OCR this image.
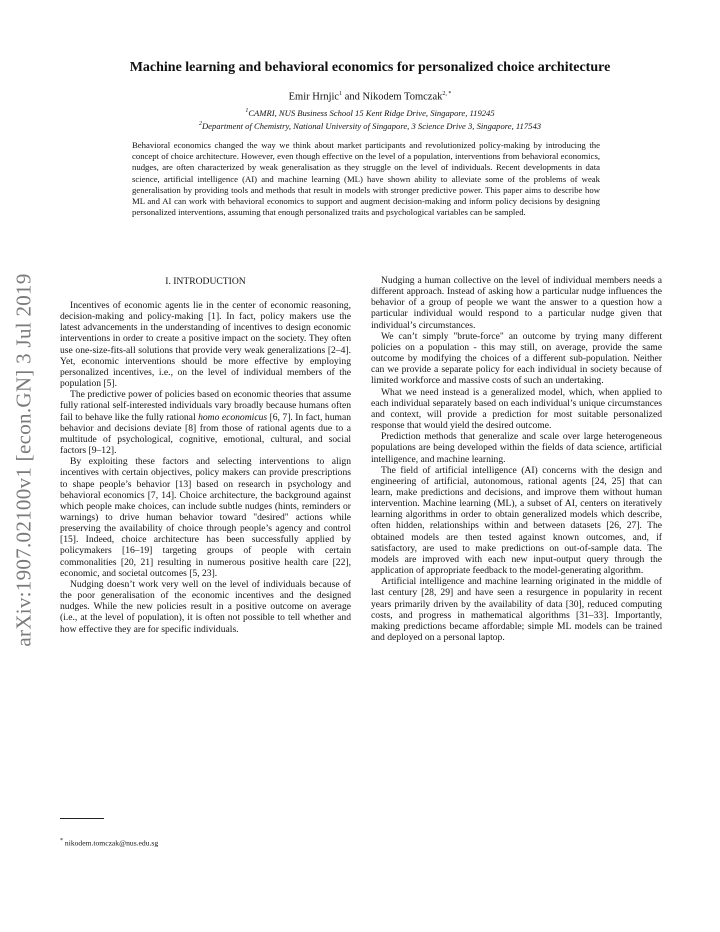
arXiv:1907.02100v1 [econ.GN] 3 Jul 2019
Machine learning and behavioral economics for personalized choice architecture
Emir Hrnjic$^1$ and Nikodem Tomczak$^{2, *}$
$^1$CAMRI, NUS Business School 15 Kent Ridge Drive, Singapore, 119245
$^2$Department of Chemistry, National University of Singapore, 3 Science Drive 3, Singapore, 117543
Behavioral economics changed the way we think about market participants and revolutionized policy-making by introducing the concept of choice architecture. However, even though effective on the level of a population, interventions from behavioral economics, nudges, are often characterized by weak generalisation as they struggle on the level of individuals. Recent developments in data science, artificial intelligence (AI) and machine learning (ML) have shown ability to alleviate some of the problems of weak generalisation by providing tools and methods that result in models with stronger predictive power. This paper aims to describe how ML and AI can work with behavioral economics to support and augment decision-making and inform policy decisions by designing personalized interventions, assuming that enough personalized traits and psychological variables can be sampled.
I. INTRODUCTION

Incentives of economic agents lie in the center of economic reasoning, decision-making and policy-making [1]. In fact, policy makers use the latest advancements in the understanding of incentives to design economic interventions in order to create a positive impact on the society. They often use one-size-fits-all solutions that provide very weak generalizations [2–4]. Yet, economic interventions should be more effective by employing personalized incentives, i.e., on the level of individual members of the population [5].

The predictive power of policies based on economic theories that assume fully rational self-interested individuals vary broadly because humans often fail to behave like the fully rational homo economicus [6, 7]. In fact, human behavior and decisions deviate [8] from those of rational agents due to a multitude of psychological, cognitive, emotional, cultural, and social factors [9–12].

By exploiting these factors and selecting interventions to align incentives with certain objectives, policy makers can provide prescriptions to shape people’s behavior [13] based on research in psychology and behavioral economics [7, 14]. Choice architecture, the background against which people make choices, can include subtle nudges (hints, reminders or warnings) to drive human behavior toward "desired" actions while preserving the availability of choice through people’s agency and control [15]. Indeed, choice architecture has been successfully applied by policymakers [16–19] targeting groups of people with certain commonalities [20, 21] resulting in numerous positive health care [22], economic, and societal outcomes [5, 23].

Nudging doesn’t work very well on the level of individuals because of the poor generalisation of the economic incentives and the designed nudges. While the new policies result in a positive outcome on average (i.e., at the level of population), it is often not possible to tell whether and how effective they are for specific individuals.

Nudging a human collective on the level of individual members needs a different approach. Instead of asking how a particular nudge influences the behavior of a group of people we want the answer to a question how a particular individual would respond to a particular nudge given that individual’s circumstances.

We can’t simply "brute-force" an outcome by trying many different policies on a population - this may still, on average, provide the same outcome by modifying the choices of a different sub-population. Neither can we provide a separate policy for each individual in society because of limited workforce and massive costs of such an undertaking.

What we need instead is a generalized model, which, when applied to each individual separately based on each individual’s unique circumstances and context, will provide a prediction for most suitable personalized response that would yield the desired outcome.

Prediction methods that generalize and scale over large heterogeneous populations are being developed within the fields of data science, artificial intelligence, and machine learning.

The field of artificial intelligence (AI) concerns with the design and engineering of artificial, autonomous, rational agents [24, 25] that can learn, make predictions and decisions, and improve them without human intervention. Machine learning (ML), a subset of AI, centers on iteratively learning algorithms in order to obtain generalized models which describe, often hidden, relationships within and between datasets [26, 27]. The obtained models are then tested against known outcomes, and, if satisfactory, are used to make predictions on out-of-sample data. The models are improved with each new input-output query through the application of appropriate feedback to the model-generating algorithm.

Artificial intelligence and machine learning originated in the middle of last century [28, 29] and have seen a resurgence in popularity in recent years primarily driven by the availability of data [30], reduced computing costs, and progress in mathematical algorithms [31–33]. Importantly, making predictions became affordable; simple ML models can be trained and deployed on a personal laptop.

* nikodem.tomczak@nus.edu.sg
